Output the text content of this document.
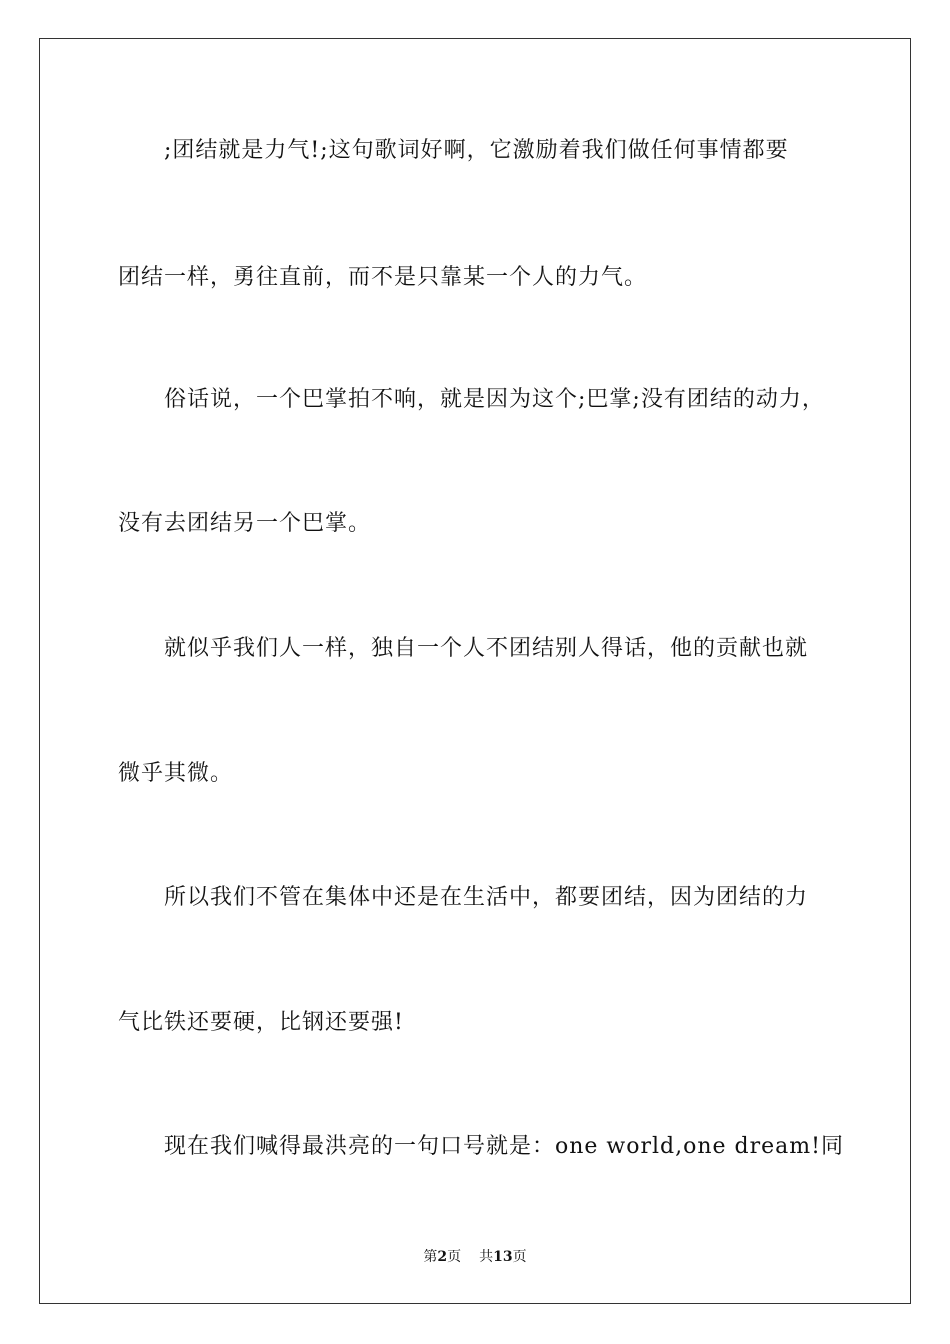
;团结就是力气!;这句歌词好啊，它激励着我们做任何事情都要
团结一样，勇往直前，而不是只靠某一个人的力气。
俗话说，一个巴掌拍不响，就是因为这个;巴掌;没有团结的动力，
没有去团结另一个巴掌。
就似乎我们人一样，独自一个人不团结别人得话，他的贡献也就
微乎其微。
所以我们不管在集体中还是在生活中，都要团结，因为团结的力
气比铁还要硬，比钢还要强!
现在我们喊得最洪亮的一句口号就是：one world,one dream!同
第2页 共13页
